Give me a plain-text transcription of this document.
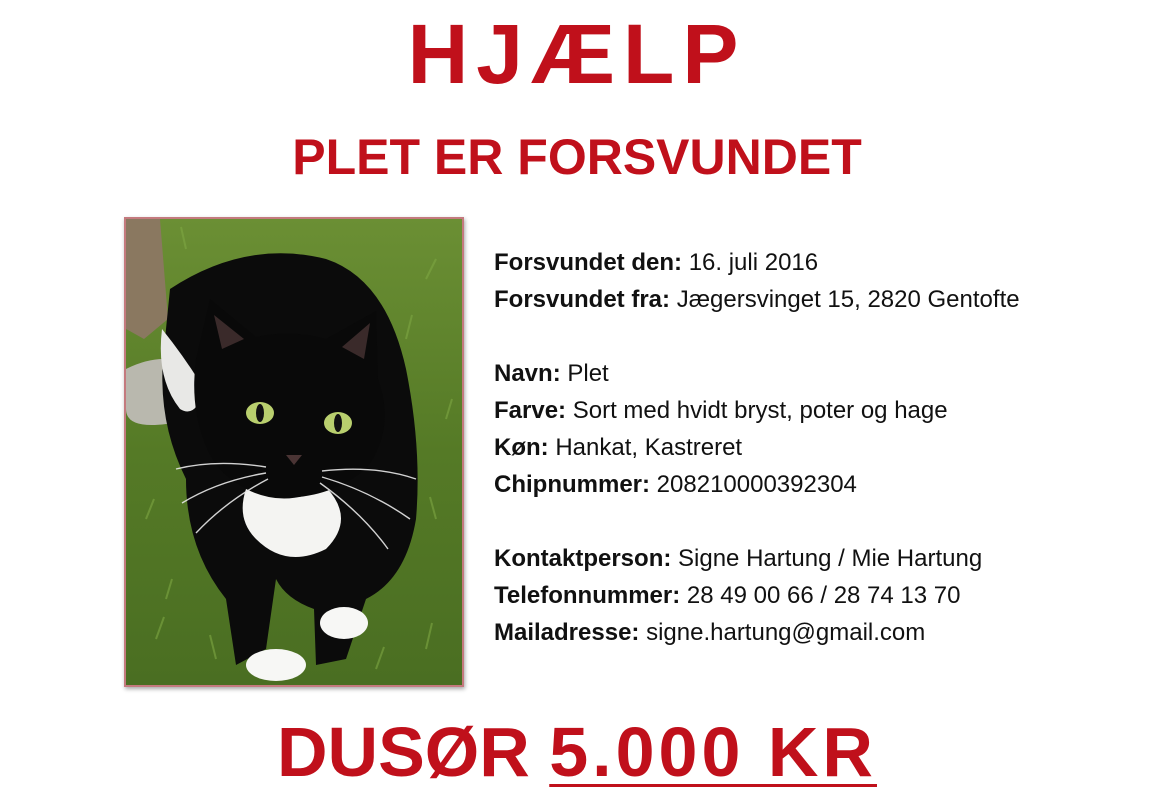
HJÆLP
PLET ER FORSVUNDET
Forsvundet den: 16. juli 2016
Forsvundet fra: Jægersvinget 15, 2820 Gentofte
Navn: Plet
Farve: Sort med hvidt bryst, poter og hage
Køn: Hankat, Kastreret
Chipnummer: 208210000392304
Kontaktperson: Signe Hartung / Mie Hartung
Telefonnummer: 28 49 00 66 / 28 74 13 70
Mailadresse: signe.hartung@gmail.com
DUSØR 5.000 KR
